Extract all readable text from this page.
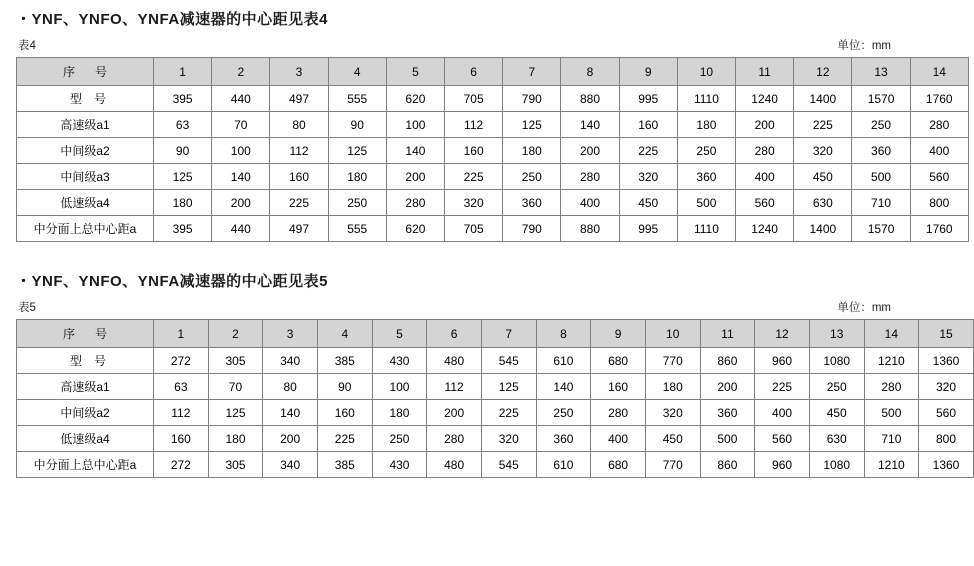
・YNF、YNFO、YNFA减速器的中心距见表4
表4	单位：mm
序　号	1	2	3	4	5	6	7	8	9	10	11	12	13	14
型　号	395	440	497	555	620	705	790	880	995	1110	1240	1400	1570	1760
高速级a1	63	70	80	90	100	112	125	140	160	180	200	225	250	280
中间级a2	90	100	112	125	140	160	180	200	225	250	280	320	360	400
中间级a3	125	140	160	180	200	225	250	280	320	360	400	450	500	560
低速级a4	180	200	225	250	280	320	360	400	450	500	560	630	710	800
中分面上总中心距a	395	440	497	555	620	705	790	880	995	1110	1240	1400	1570	1760
・YNF、YNFO、YNFA减速器的中心距见表5
表5	单位：mm
序　号	1	2	3	4	5	6	7	8	9	10	11	12	13	14	15
型　号	272	305	340	385	430	480	545	610	680	770	860	960	1080	1210	1360
高速级a1	63	70	80	90	100	112	125	140	160	180	200	225	250	280	320
中间级a2	112	125	140	160	180	200	225	250	280	320	360	400	450	500	560
低速级a4	160	180	200	225	250	280	320	360	400	450	500	560	630	710	800
中分面上总中心距a	272	305	340	385	430	480	545	610	680	770	860	960	1080	1210	1360
